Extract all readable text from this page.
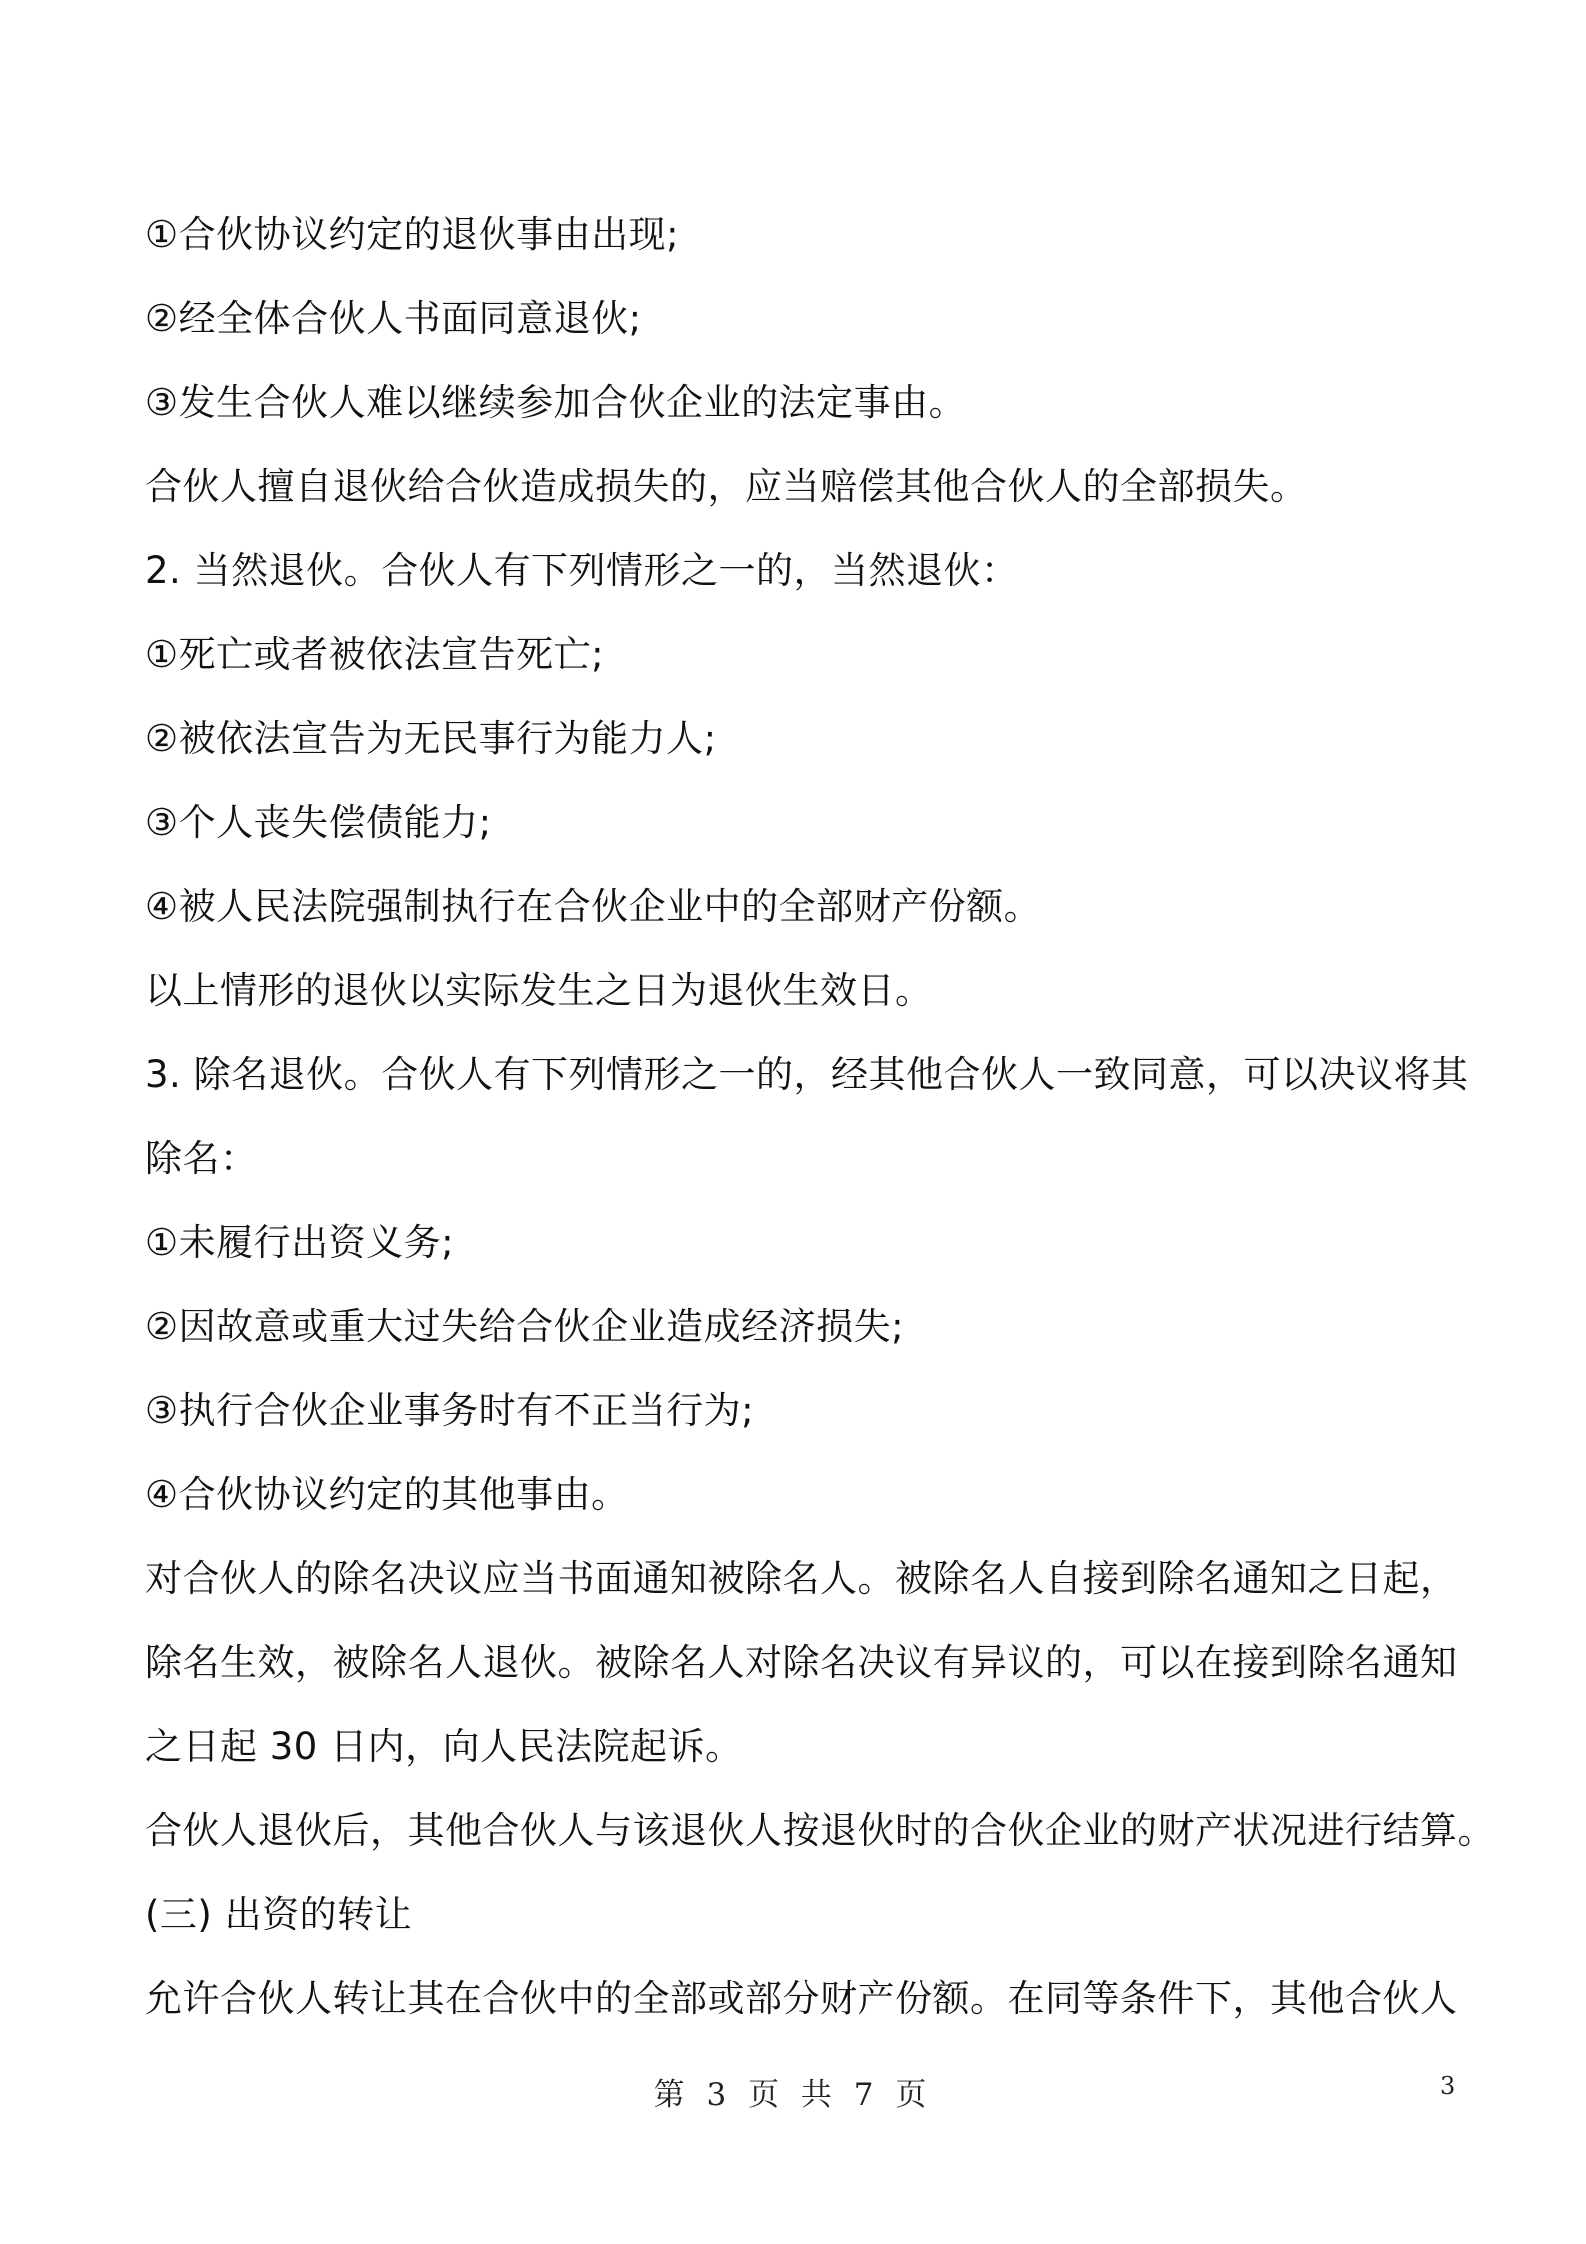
①合伙协议约定的退伙事由出现;
②经全体合伙人书面同意退伙;
③发生合伙人难以继续参加合伙企业的法定事由。
合伙人擅自退伙给合伙造成损失的，应当赔偿其他合伙人的全部损失。
2. 当然退伙。合伙人有下列情形之一的，当然退伙：
①死亡或者被依法宣告死亡;
②被依法宣告为无民事行为能力人;
③个人丧失偿债能力;
④被人民法院强制执行在合伙企业中的全部财产份额。
以上情形的退伙以实际发生之日为退伙生效日。
3. 除名退伙。合伙人有下列情形之一的，经其他合伙人一致同意，可以决议将其
除名：
①未履行出资义务;
②因故意或重大过失给合伙企业造成经济损失;
③执行合伙企业事务时有不正当行为;
④合伙协议约定的其他事由。
对合伙人的除名决议应当书面通知被除名人。被除名人自接到除名通知之日起，
除名生效，被除名人退伙。被除名人对除名决议有异议的，可以在接到除名通知
之日起 30 日内，向人民法院起诉。
合伙人退伙后，其他合伙人与该退伙人按退伙时的合伙企业的财产状况进行结算。
(三) 出资的转让
允许合伙人转让其在合伙中的全部或部分财产份额。在同等条件下，其他合伙人
第 3 页 共 7 页	3
